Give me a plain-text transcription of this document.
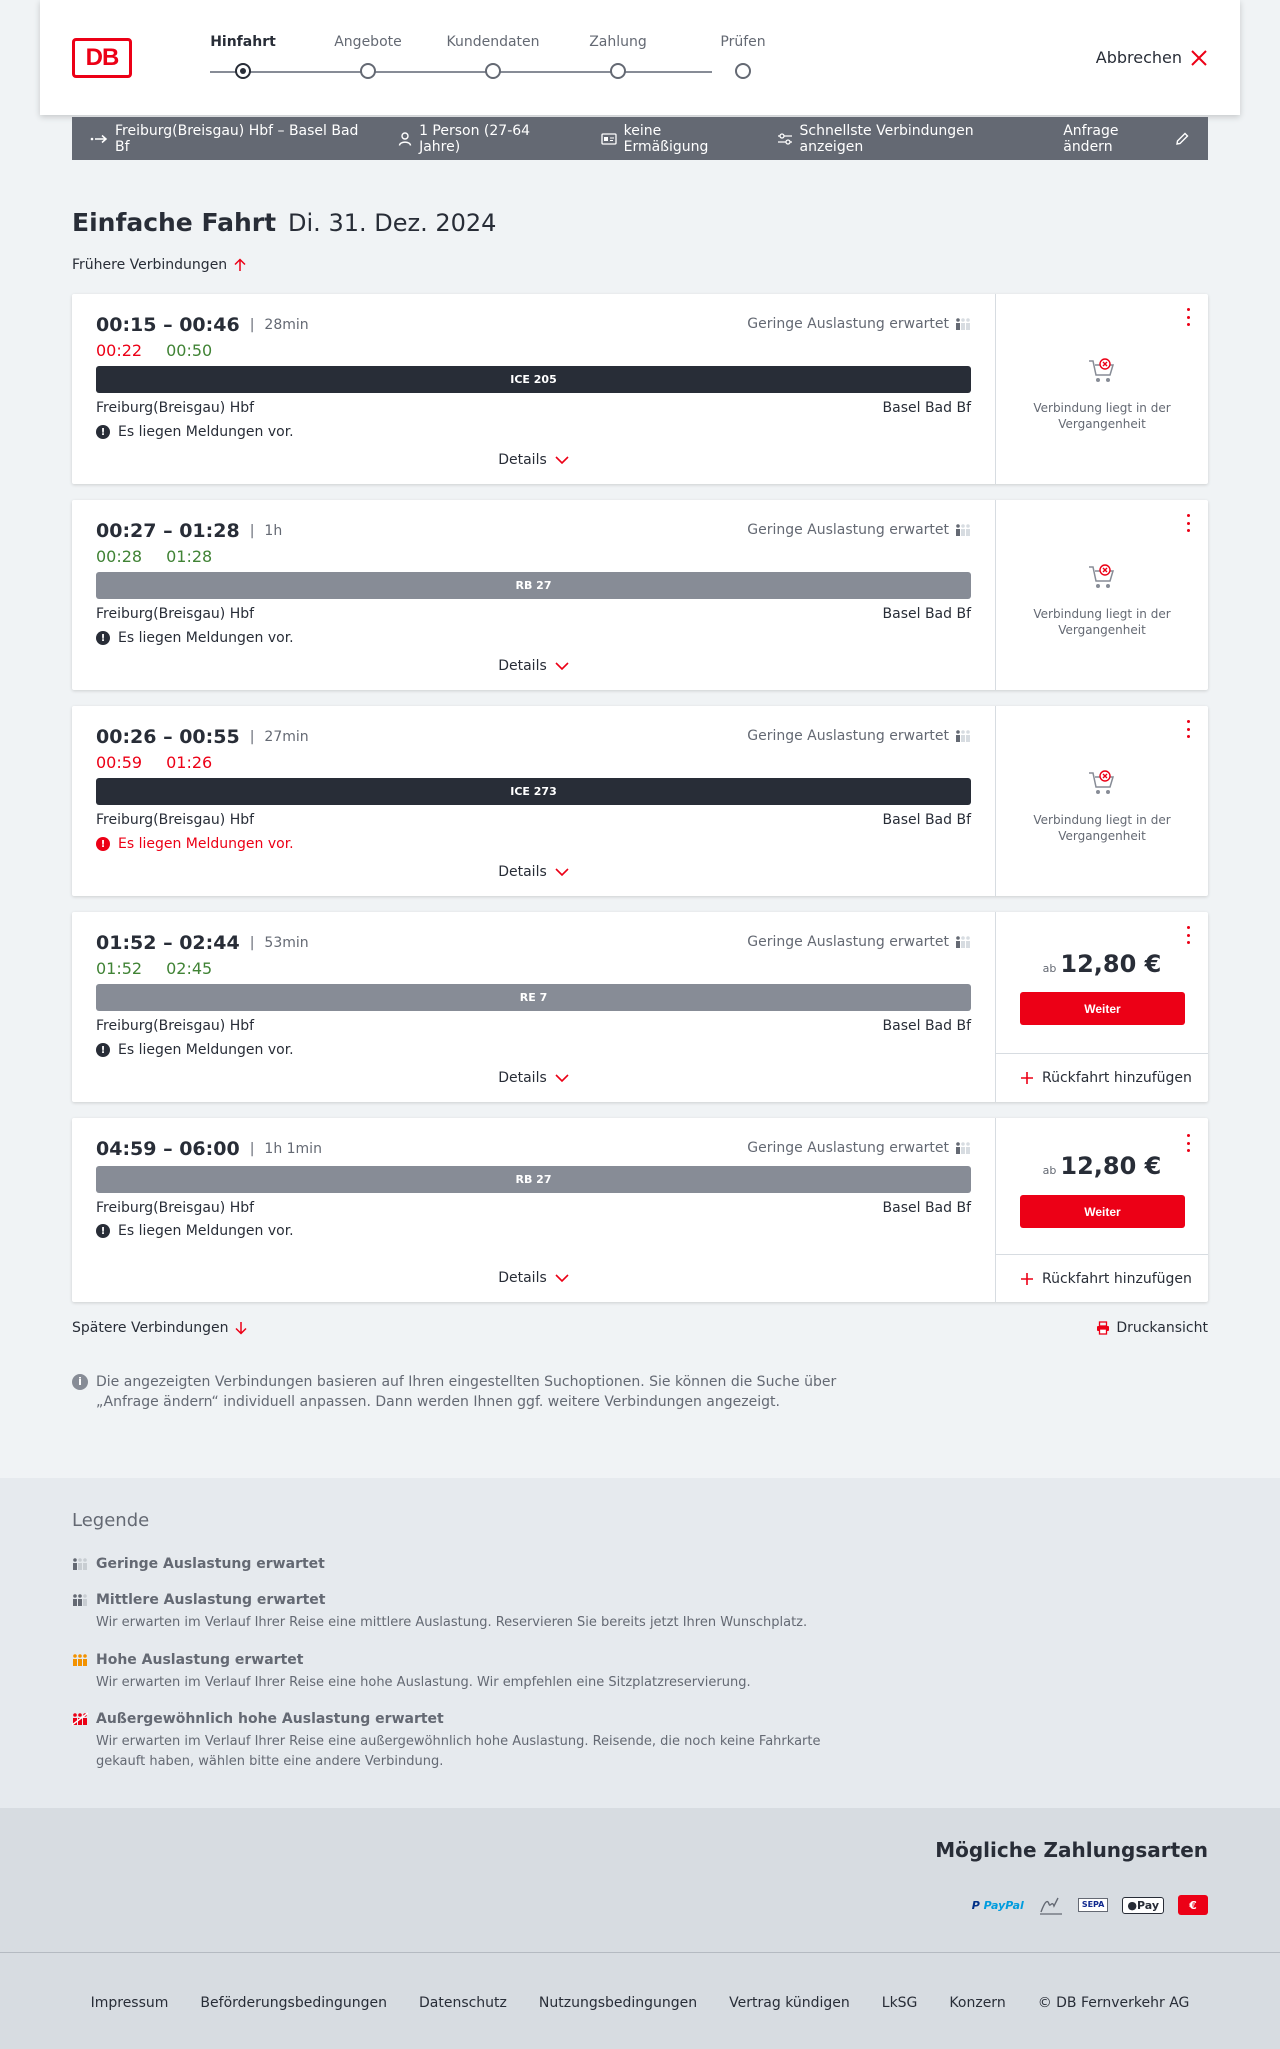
DB
Hinfahrt	Angebote	Kundendaten	Zahlung	Prüfen
Abbrechen
Freiburg(Breisgau) Hbf – Basel Bad Bf
1 Person (27-64 Jahre)
keine Ermäßigung
Schnellste Verbindungen anzeigen
Anfrage ändern
Einfache Fahrt Di. 31. Dez. 2024
Frühere Verbindungen
00:15 – 00:46 | 28min
00:22 00:50
Geringe Auslastung erwartet
ICE 205
Freiburg(Breisgau) Hbf	Basel Bad Bf
! Es liegen Meldungen vor.
Details
Verbindung liegt in der Vergangenheit
00:27 – 01:28 | 1h
00:28 01:28
Geringe Auslastung erwartet
RB 27
Freiburg(Breisgau) Hbf	Basel Bad Bf
! Es liegen Meldungen vor.
Details
Verbindung liegt in der Vergangenheit
00:26 – 00:55 | 27min
00:59 01:26
Geringe Auslastung erwartet
ICE 273
Freiburg(Breisgau) Hbf	Basel Bad Bf
! Es liegen Meldungen vor.
Details
Verbindung liegt in der Vergangenheit
01:52 – 02:44 | 53min
01:52 02:45
Geringe Auslastung erwartet
RE 7
Freiburg(Breisgau) Hbf	Basel Bad Bf
! Es liegen Meldungen vor.
Details
ab 12,80 €
Weiter
Rückfahrt hinzufügen
04:59 – 06:00 | 1h 1min	Geringe Auslastung erwartet
RB 27
Freiburg(Breisgau) Hbf	Basel Bad Bf
! Es liegen Meldungen vor.
Details
ab 12,80 €
Weiter
Rückfahrt hinzufügen
Spätere Verbindungen	Druckansicht
i	Die angezeigten Verbindungen basieren auf Ihren eingestellten Suchoptionen. Sie können die Suche über „Anfrage ändern“ individuell anpassen. Dann werden Ihnen ggf. weitere Verbindungen angezeigt.
Legende
Geringe Auslastung erwartet
Mittlere Auslastung erwartet
Wir erwarten im Verlauf Ihrer Reise eine mittlere Auslastung. Reservieren Sie bereits jetzt Ihren Wunschplatz.
Hohe Auslastung erwartet
Wir erwarten im Verlauf Ihrer Reise eine hohe Auslastung. Wir empfehlen eine Sitzplatzreservierung.
Außergewöhnlich hohe Auslastung erwartet
Wir erwarten im Verlauf Ihrer Reise eine außergewöhnlich hohe Auslastung. Reisende, die noch keine Fahrkarte gekauft haben, wählen bitte eine andere Verbindung.
Mögliche Zahlungsarten
P
PayPal	SEPA	●Pay	€
Impressum Beförderungsbedingungen Datenschutz Nutzungsbedingungen Vertrag kündigen LkSG Konzern © DB Fernverkehr AG
